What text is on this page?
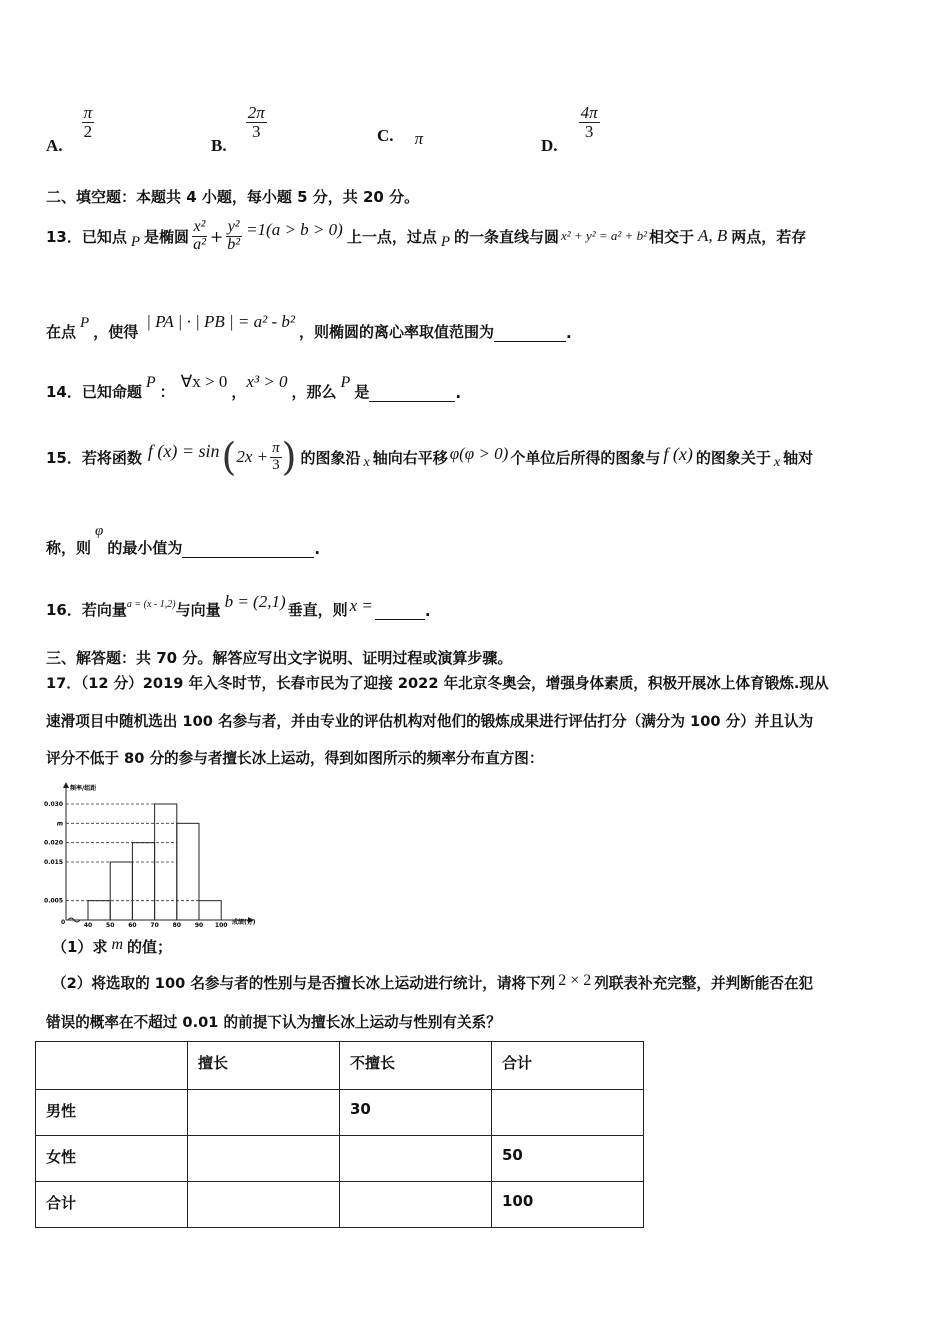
A.
$\frac{\pi}{2}$
B.
$\frac{2\pi}{3}$	C. π	D.
$\frac{4\pi}{3}$
二、填空题：本题共 4 小题，每小题 5 分，共 20 分。
13．已知点 P 是椭圆 $\frac{\text{x²}}{\text{a²}} + \frac{\text{y²}}{\text{b²}} =1(a > b > 0)$ 上一点，过点 P 的一条直线与圆 x² + y² = a² + b² 相交于 A, B 两点，若存
在点 P ，使得
| PA | · | PB | = a² - b²
，则椭圆的离心率取值范围为	.
14．已知命题
P
：
∀x > 0
，
x³ > 0
，那么
P
是	.
15．若将函数 f (x) = sin ( $2x + \frac{\pi}{3}$ ) 的图象沿 x 轴向右平移 φ(φ > 0) 个单位后所得的图象与 f (x) 的图象关于 x 轴对
称，则
φ
的最小值为	.
16．若向量 a = (x - 1,2) 与向量 b = (2,1) 垂直，则 x =	.
三、解答题：共 70 分。解答应写出文字说明、证明过程或演算步骤。
17．（12 分）2019 年入冬时节，长春市民为了迎接 2022 年北京冬奥会，增强身体素质，积极开展冰上体育锻炼.现从
速滑项目中随机选出 100 名参与者，并由专业的评估机构对他们的锻炼成果进行评估打分（满分为 100 分）并且认为
评分不低于 80 分的参与者擅长冰上运动，得到如图所示的频率分布直方图：
频率/组距
成绩(分)
0
0.005
0.015
0.020
m
0.030
40 50 60 70 80 90 100
（1）求 m 的值；
（2）将选取的 100 名参与者的性别与是否擅长冰上运动进行统计，请将下列 2 × 2 列联表补充完整，并判断能否在犯
错误的概率在不超过 0.01 的前提下认为擅长冰上运动与性别有关系？
	擅长	不擅长	合计
男性		30	
女性			50
合计			100
